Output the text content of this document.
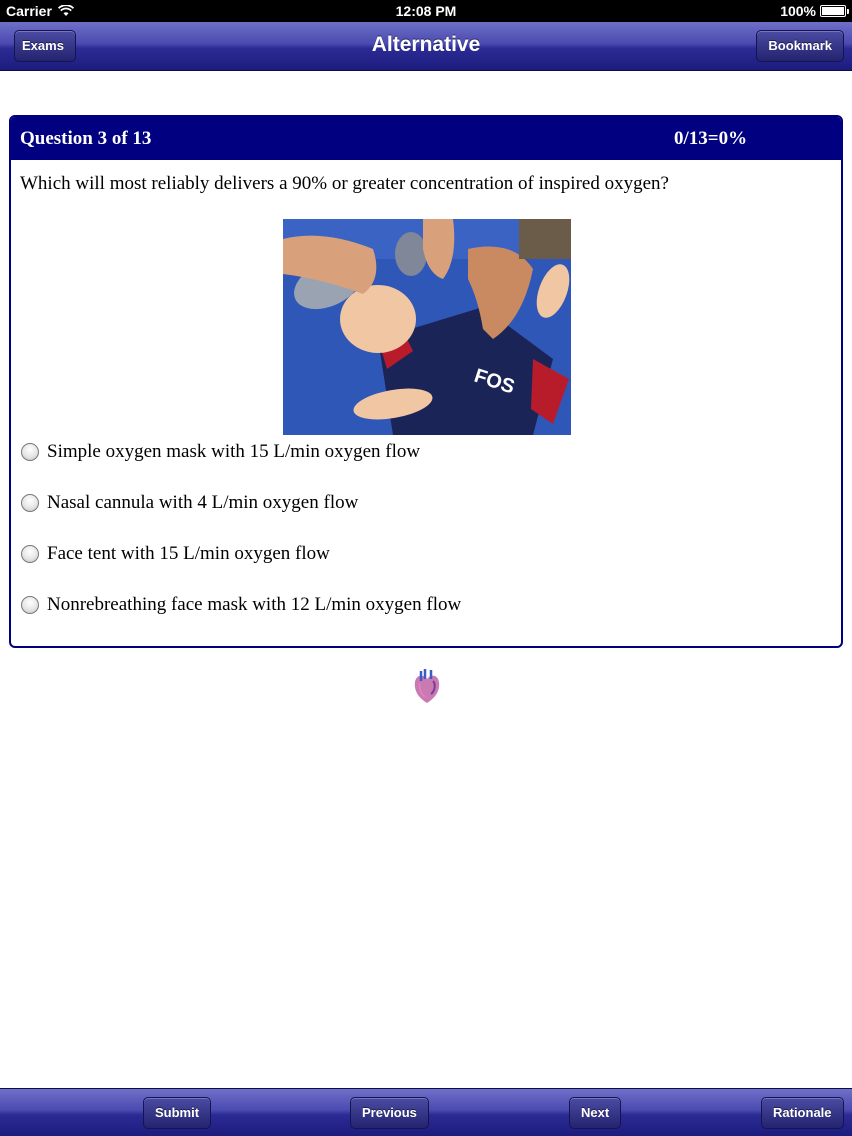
Carrier	12:08 PM	100%
Exams	Alternative	Bookmark
Question 3 of 13	0/13=0%
Which will most reliably delivers a 90% or greater concentration of inspired oxygen?
FOS
Simple oxygen mask with 15 L/min oxygen flow
Nasal cannula with 4 L/min oxygen flow
Face tent with 15 L/min oxygen flow
Nonrebreathing face mask with 12 L/min oxygen flow
Submit	Previous	Next	Rationale
